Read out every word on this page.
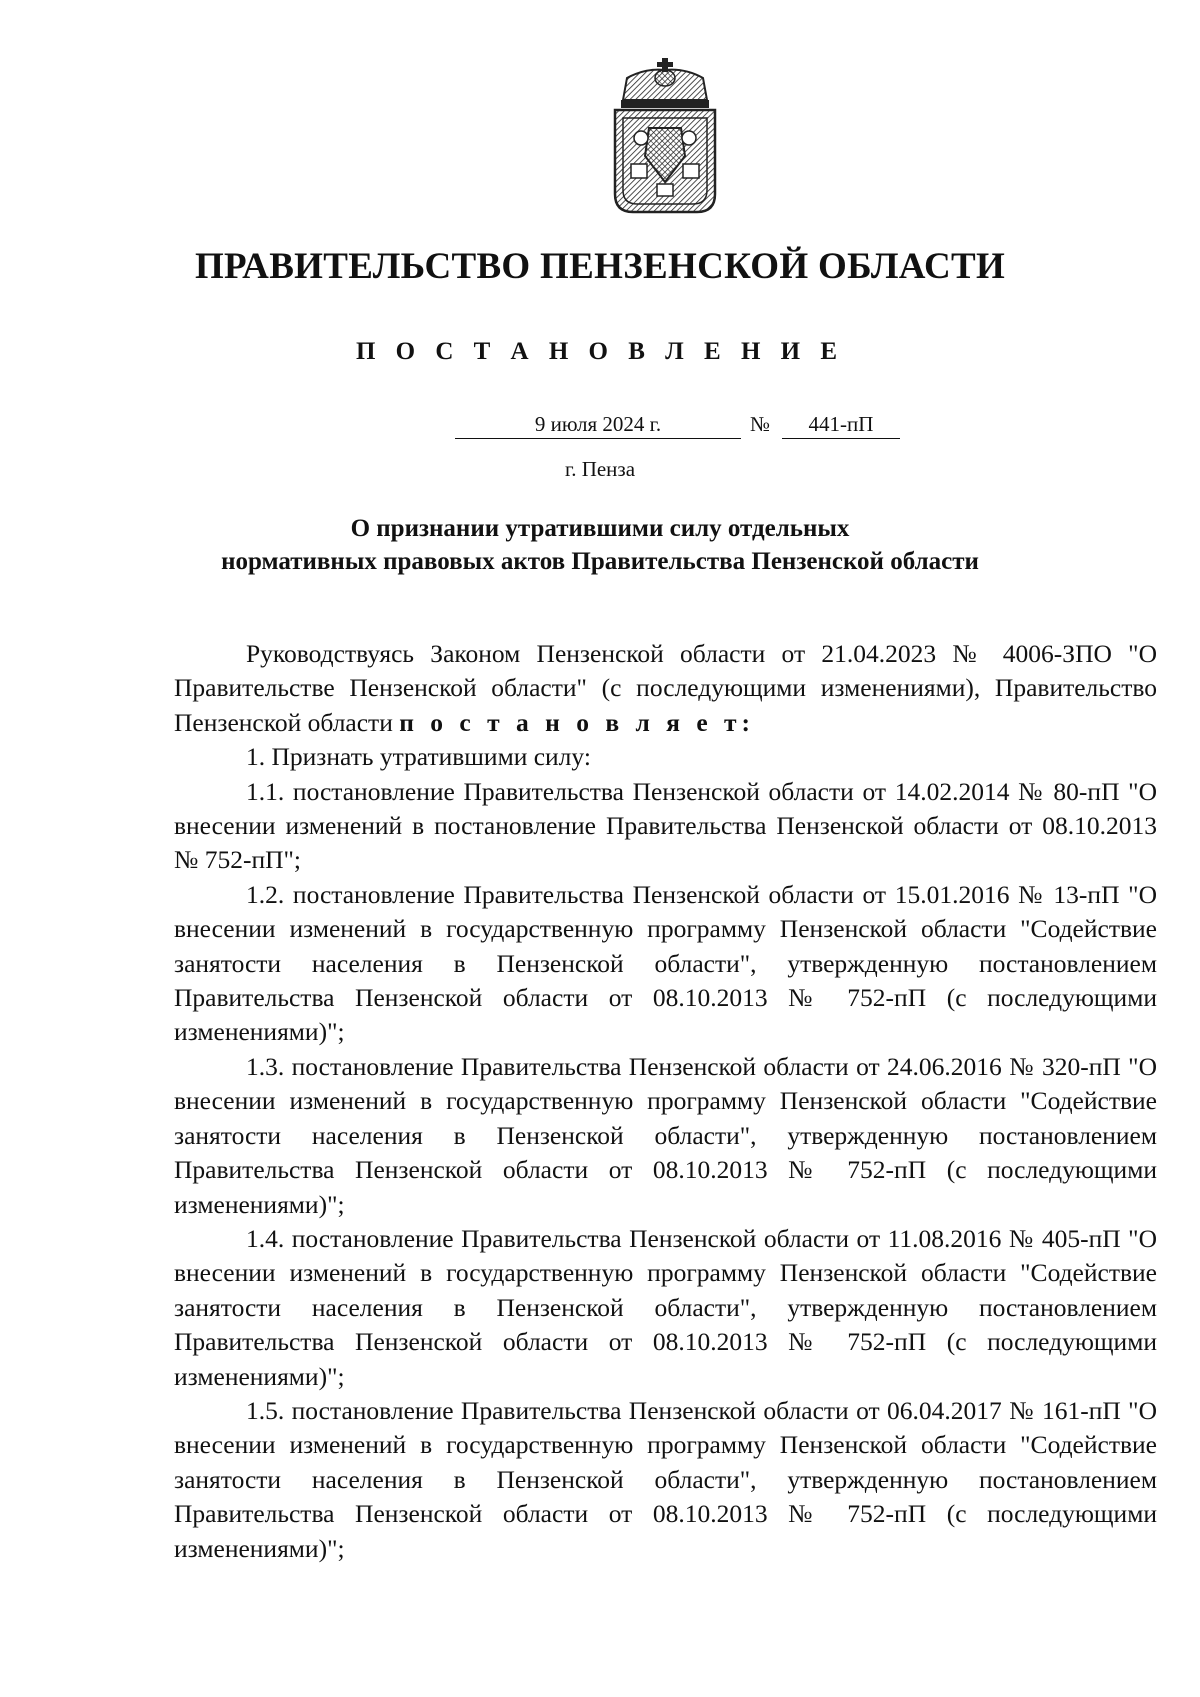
ПРАВИТЕЛЬСТВО ПЕНЗЕНСКОЙ ОБЛАСТИ
П О С Т А Н О В Л Е Н И Е
9 июля 2024 г.	№	441-пП
г. Пенза
О признании утратившими силу отдельных
нормативных правовых актов Правительства Пензенской области

Руководствуясь Законом Пензенской области от 21.04.2023 № 4006-ЗПО "О Правительстве Пензенской области" (с последующими изменениями), Правительство Пензенской области п о с т а н о в л я е т:

1. Признать утратившими силу:

1.1. постановление Правительства Пензенской области от 14.02.2014 № 80-пП "О внесении изменений в постановление Правительства Пензенской области от 08.10.2013 № 752-пП";

1.2. постановление Правительства Пензенской области от 15.01.2016 № 13-пП "О внесении изменений в государственную программу Пензенской области "Содействие занятости населения в Пензенской области", утвержденную постановлением Правительства Пензенской области от 08.10.2013 № 752-пП (с последующими изменениями)";

1.3. постановление Правительства Пензенской области от 24.06.2016 № 320-пП "О внесении изменений в государственную программу Пензенской области "Содействие занятости населения в Пензенской области", утвержденную постановлением Правительства Пензенской области от 08.10.2013 № 752-пП (с последующими изменениями)";

1.4. постановление Правительства Пензенской области от 11.08.2016 № 405-пП "О внесении изменений в государственную программу Пензенской области "Содействие занятости населения в Пензенской области", утвержденную постановлением Правительства Пензенской области от 08.10.2013 № 752-пП (с последующими изменениями)";

1.5. постановление Правительства Пензенской области от 06.04.2017 № 161-пП "О внесении изменений в государственную программу Пензенской области "Содействие занятости населения в Пензенской области", утвержденную постановлением Правительства Пензенской области от 08.10.2013 № 752-пП (с последующими изменениями)";
